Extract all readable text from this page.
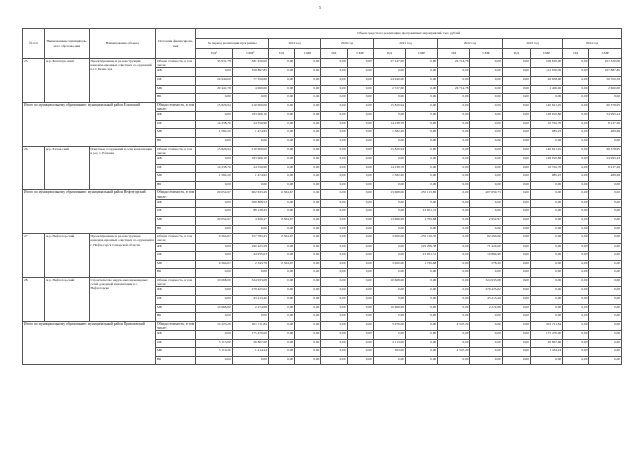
5
№ п/п	Наименование муниципаль-ного образова-ния	Наименование объекта	Источник финансирова-ния	Объем средств на реализацию программных мероприятий, тыс. рублей													
				За период реализации программы		2019 год		2020 год		2021 год		2022 год		2023 год		2024 год	
				ПД¹	СМР²	ПД	СМР	ПД	СМР	ПД	СМР	ПД	СМР	ПД	СМР	ПД	СМР
25.	м.р. Безенчук-ский	Проектирование и ре-конструкция канализа-ционных очистных со-оружений п.г.т. Безен-чук	Общая стоимость, в том числе:	33 931,78	381 220,00	0,00	0,00	0,00	0,00	27 247,00	0,00	26 714,76	0,00	0,00	109 810,00	0,00	251 320,00
			ФБ	0,00	359 897,85	0,00	0,00	0,00	0,00	0,00	0,00	0,00	0,00	0,00	112 950,00	0,00	227 887,85
			ОБ	24 940,00	77 350,60	0,00	0,00	0,00	0,00	24 940,00	0,00	0,00	0,00	0,00	26 658,00	0,00	50 700,59
			МБ	29 441,78	4 060,00	0,00	0,00	0,00	0,00	2 727,60	0,00	26 714,78	0,00	0,00	1 400,00	0,00	2 660,00
			ВБ	0,00	0,00	0,00	0,00	0,00	0,00	0,00	0,00	0,00	0,00	0,00	0,00	0,00	0,00
Итого по муниципальному образованию: муниципальный район Елховский			Общая стоимость, в том числе:	15 820,94	210 000,00	0,00	0,00	0,00	0,00	15 820,94	0,00	0,00	0,00	0,00	140 621,05	0,00	69 378,95
			ФБ	0,00	183 906,10	0,00	0,00	0,00	0,00	0,00	0,00	0,00	0,00	0,00	128 910,86	0,00	54 995,24
			ОБ	14 238,76	24 559,90	0,00	0,00	0,00	0,00	14 238,76	0,00	0,00	0,00	0,00	10 702,70	0,00	8 237,26
			МБ	1 582,20	1 474,92	0,00	0,00	0,00	0,00	1 582,20	0,00	0,00	0,00	0,00	985,25	0,00	489,69
			ВБ	0,00	0,00	0,00	0,00	0,00	0,00	0,00	0,00	0,00	0,00	0,00	0,00	0,00	0,00
26.	м.р. Елхов-ский	Очистные сооружения и сети канализации в р.ц. с. Елховка	Общая стоимость, в том числе:	15 820,94	210 000,00	0,00	0,00	0,00	0,00	15 820,94	0,00	0,00	0,00	0,00	140 621,05	0,00	69 378,95
			ФБ	0,00	183 906,10	0,00	0,00	0,00	0,00	0,00	0,00	0,00	0,00	0,00	128 910,86	0,00	54 995,24
			ОБ	14 238,76	24 559,90	0,00	0,00	0,00	0,00	14 238,76	0,00	0,00	0,00	0,00	10 702,70	0,00	8 237,26
			МБ	1 582,20	1 474,92	0,00	0,00	0,00	0,00	1 582,20	0,00	0,00	0,00	0,00	985,25	0,00	489,69
			ВБ	0,00	0,00	0,00	0,00	0,00	0,00	0,00	0,00	0,00	0,00	0,00	0,00	0,00	0,00
Итого по муниципальному образованию: муниципальный район Нефтегорский			Общая стоимость, в том числе:	29 052,67	602 633,29	6 364,67	0,00	0,00	0,00	13 668,00	255 115,85	0,00	407 659,73	0,00	0,00	0,00	0,00
			ФБ	0,00	569 868,53	0,00	0,00	0,00	0,00	0,00	0,00	0,00	0,00	0,00	0,00	0,00	0,00
			ОБ	0,00	88 138,45	0,00	0,00	0,00	0,00	0,00	23 951,31	0,00	0,00	0,00	0,00	0,00	0,00
			МБ	29 052,67	4 626,47	6 364,67	0,00	0,00	0,00	13 668,00	1 705,68	0,00	2 952,97	0,00	0,00	0,00	0,00
			ВБ	0,00	0,00	0,00	0,00	0,00	0,00	0,00	0,00	0,00	0,00	0,00	0,00	0,00	0,00
27	м.р. Нефтегор-ский	Проектирование и ре-конструкция канализа-ционных очистных со-оружений в г. Нефте-горск Самарской области	Общая стоимость, в том числе:	9 364,67	357 783,25	6 364,67	0,00	0,00	0,00	3 000,00	255 116,35	0,00	82 290,00	0,00	0,00	0,00	0,00
			ФБ	0,00	290 423,59	0,00	0,00	0,00	0,00	0,00	219 209,38	0,00	71 424,00	0,00	0,00	0,00	0,00
			ОБ	0,00	44 935,03	0,00	0,00	0,00	0,00	0,00	23 951,31	0,00	10 884,90	0,00	0,00	0,00	0,00
			МБ	9 364,67	2 343,79	6 364,67	0,00	0,00	0,00	3 000,00	1 765,68	0,00	578,20	0,00	0,00	0,00	0,00
			ВБ	0,00	0,00	0,00	0,00	0,00	0,00	0,00	0,00	0,00	0,00	0,00	0,00	0,00	0,00
28.	м.р. Нефтегор-ский	Строительство наруж-ных инженерных сетей дождевой канализации в г. Нефтегорске	Общая стоимость, в том числе:	10 668,00	324 933,08	0,00	0,00	0,00	0,00	10 668,00	0,00	0,00	324 933,08	0,00	0,00	0,00	0,00
			ФБ	0,00	279 425,02	0,00	0,00	0,00	0,00	0,00	0,00	0,00	279 425,02	0,00	0,00	0,00	0,00
			ОБ	0,00	43 213,40	0,00	0,00	0,00	0,00	0,00	0,00	0,00	43 213,40	0,00	0,00	0,00	0,00
			МБ	10 668,00	2 274,68	0,00	0,00	0,00	0,00	10 668,00	0,00	0,00	2 274,68	0,00	0,00	0,00	0,00
			ВБ	0,00	0,00	0,00	0,00	0,00	0,00	0,00	0,00	0,00	0,00	0,00	0,00	0,00	0,00
Итого по муниципальному образованию: муниципальный район Приволжский			Общая стоимость, в том числе:	10 223,29	201 711,84	0,00	0,00	0,00	0,00	5 676,00	0,00	4 547,29	0,00	0,00	201 711,84	0,00	0,00
			ФБ	0,00	175 470,00	0,00	0,00	0,00	0,00	0,00	0,00	0,00	0,00	0,00	175 470,00	0,00	0,00
			ОБ	5 113,00	26 807,60	0,00	0,00	0,00	0,00	2 113,00	0,00	0,00	0,00	0,00	26 807,60	0,00	0,00
			МБ	5 110,29	1 414,24	0,00	0,00	0,00	0,00	563,00	0,00	4 547,29	0,00	0,00	1 434,24	0,00	0,00
			ВБ	0,00	0,00	0,00	0,00	0,00	0,00	0,00	0,00	0,00	0,00	0,00	0,00	0,00	0,00
